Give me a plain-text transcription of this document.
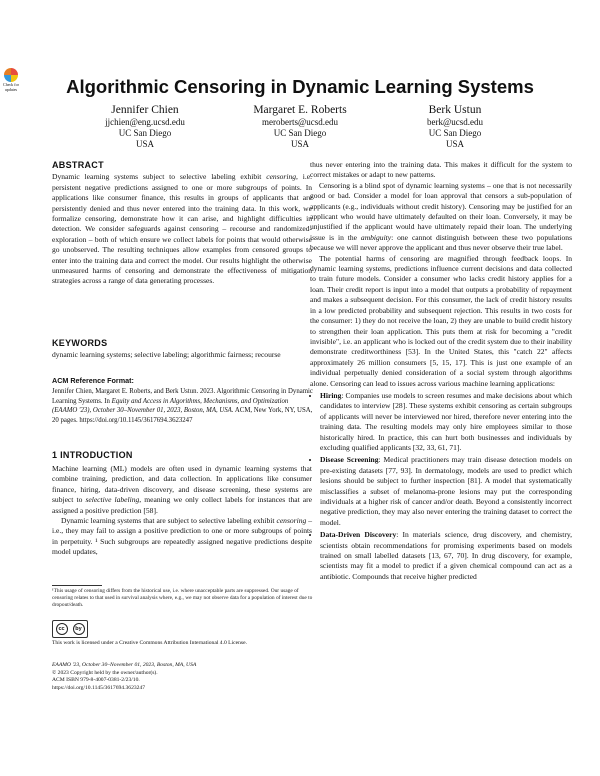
Check for updates	Algorithmic Censoring in Dynamic Learning Systems
Jennifer Chien
jjchien@eng.ucsd.edu
UC San Diego
USA
Margaret E. Roberts
meroberts@ucsd.edu
UC San Diego
USA
Berk Ustun
berk@ucsd.edu
UC San Diego
USA
ABSTRACT

Dynamic learning systems subject to selective labeling exhibit censoring, i.e. persistent negative predictions assigned to one or more subgroups of points. In applications like consumer finance, this results in groups of applicants that are persistently denied and thus never entered into the training data. In this work, we formalize censoring, demonstrate how it can arise, and highlight difficulties in detection. We consider safeguards against censoring – recourse and randomized-exploration – both of which ensure we collect labels for points that would otherwise go unobserved. The resulting techniques allow examples from censored groups to enter into the training data and correct the model. Our results highlight the otherwise unmeasured harms of censoring and demonstrate the effectiveness of mitigation strategies across a range of data generating processes.

KEYWORDS
dynamic learning systems; selective labeling; algorithmic fairness; recourse
ACM Reference Format:
Jennifer Chien, Margaret E. Roberts, and Berk Ustun. 2023. Algorithmic Censoring in Dynamic Learning Systems. In Equity and Access in Algorithms, Mechanisms, and Optimization (EAAMO '23), October 30–November 01, 2023, Boston, MA, USA. ACM, New York, NY, USA, 20 pages. https://doi.org/10.1145/3617694.3623247
1 INTRODUCTION

Machine learning (ML) models are often used in dynamic learning systems that combine training, prediction, and data collection. In applications like consumer finance, hiring, data-driven discovery, and disease screening, these systems are subject to selective labeling, meaning we only collect labels for instances that are assigned a positive prediction [58].

Dynamic learning systems that are subject to selective labeling exhibit censoring – i.e., they may fail to assign a positive prediction to one or more subgroups of points in perpetuity. ¹ Such subgroups are repeatedly assigned negative predictions despite model updates,

¹This usage of censoring differs from the historical use, i.e. where unacceptable parts are suppressed. Our usage of censoring relates to that used in survival analysis where, e.g., we may not observe data for a population of interest due to dropout/death.
cc	by
This work is licensed under a Creative Commons Attribution International 4.0 License.
EAAMO '23, October 30–November 01, 2023, Boston, MA, USA
© 2023 Copyright held by the owner/author(s).
ACM ISBN 979-8-4007-0381-2/23/10.
https://doi.org/10.1145/3617694.3623247

thus never entering into the training data. This makes it difficult for the system to correct mistakes or adapt to new patterns.

Censoring is a blind spot of dynamic learning systems – one that is not necessarily good or bad. Consider a model for loan approval that censors a sub-population of applicants (e.g., individuals without credit history). Censoring may be justified for an applicant who would have ultimately defaulted on their loan. Conversely, it may be unjustified if the applicant would have ultimately repaid their loan. The underlying issue is in the ambiguity: one cannot distinguish between these two populations because we will never approve the applicant and thus never observe their true label.

The potential harms of censoring are magnified through feedback loops. In dynamic learning systems, predictions influence current decisions and data collected to train future models. Consider a consumer who lacks credit history applies for a loan. Their credit report is input into a model that outputs a probability of repayment and makes a subsequent decision. For this consumer, the lack of credit history results in a low predicted probability and subsequent rejection. This results in two costs for the consumer: 1) they do not receive the loan, 2) they are unable to build credit history to strengthen their loan application. This puts them at risk for becoming a "credit invisible", i.e. an applicant who is locked out of the credit system due to their inability demonstrate creditworthiness [53]. In the United States, this "catch 22" affects approximately 26 million consumers [5, 15, 17]. This is just one example of an individual perpetually denied consideration of a social system through algorithms alone. Censoring can lead to issues across various machine learning applications:

• Hiring: Companies use models to screen resumes and make decisions about which candidates to interview [28]. These systems exhibit censoring as certain subgroups of applicants will never be interviewed nor hired, therefore never entering into the training data. The resulting models may only hire employees similar to those historically hired. In practice, this can hurt both businesses and individuals by excluding qualified applicants [32, 33, 61, 71].
• Disease Screening: Medical practitioners may train disease detection models on pre-existing datasets [77, 93]. In dermatology, models are used to predict which lesions should be subject to further inspection [81]. A model that systematically misclassifies a subset of melanoma-prone lesions may put the corresponding individuals at a higher risk of cancer and/or death. Beyond a consistently incorrect negative prediction, they may also never entering the training dataset to correct the model.
• Data-Driven Discovery: In materials science, drug discovery, and chemistry, scientists obtain recommendations for promising experiments based on models trained on small labelled datasets [13, 67, 70]. In drug discovery, for example, scientists may fit a model to predict if a given chemical compound can act as a antibiotic. Compounds that receive higher predicted
